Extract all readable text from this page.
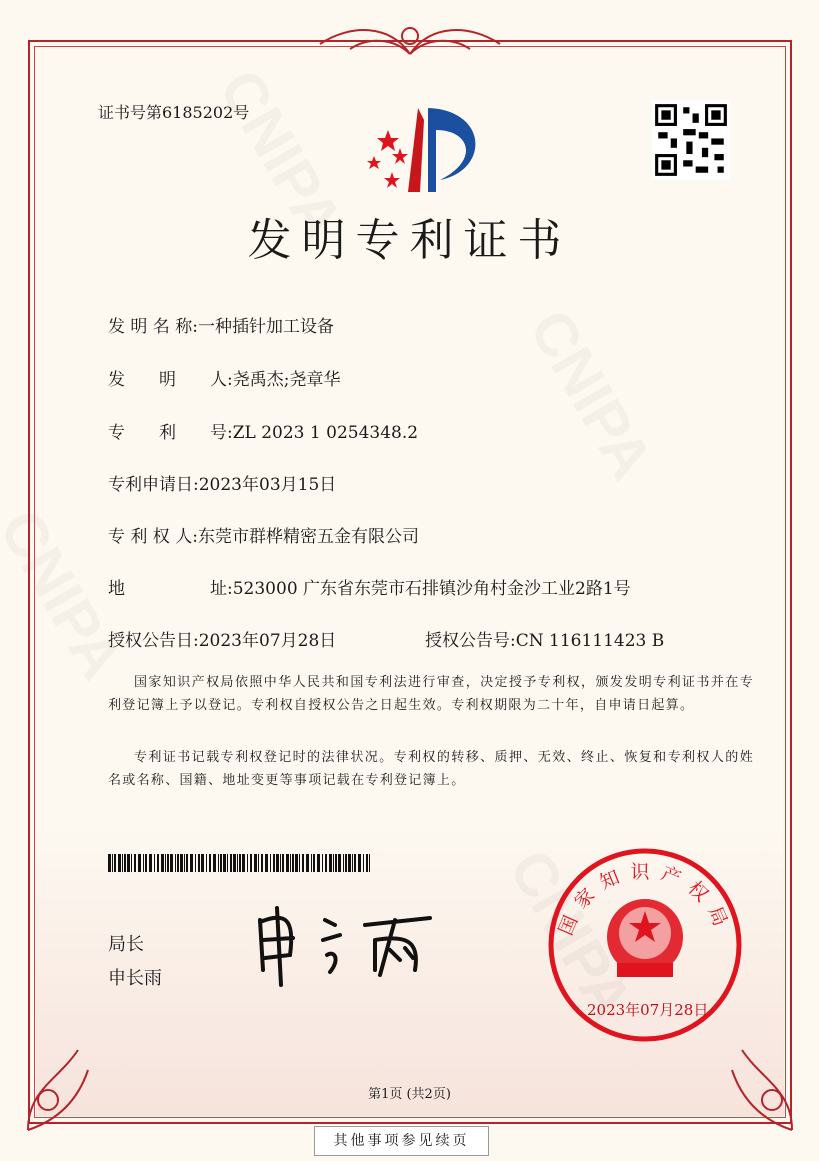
证书号第6185202号
发明专利证书
发 明 名 称:一种插针加工设备
发　　明　　人:尧禹杰;尧章华
专　　利　　号:ZL 2023 1 0254348.2
专利申请日:2023年03月15日
专 利 权 人:东莞市群桦精密五金有限公司
地　　　　　址:523000 广东省东莞市石排镇沙角村金沙工业2路1号
授权公告日:2023年07月28日	授权公告号:CN 116111423 B
国家知识产权局依照中华人民共和国专利法进行审查，决定授予专利权，颁发发明专利证书并在专利登记簿上予以登记。专利权自授权公告之日起生效。专利权期限为二十年，自申请日起算。
专利证书记载专利权登记时的法律状况。专利权的转移、质押、无效、终止、恢复和专利权人的姓名或名称、国籍、地址变更等事项记载在专利登记簿上。
局长
申长雨
国家知识产权局
2023年07月28日
第1页 (共2页)
其他事项参见续页
